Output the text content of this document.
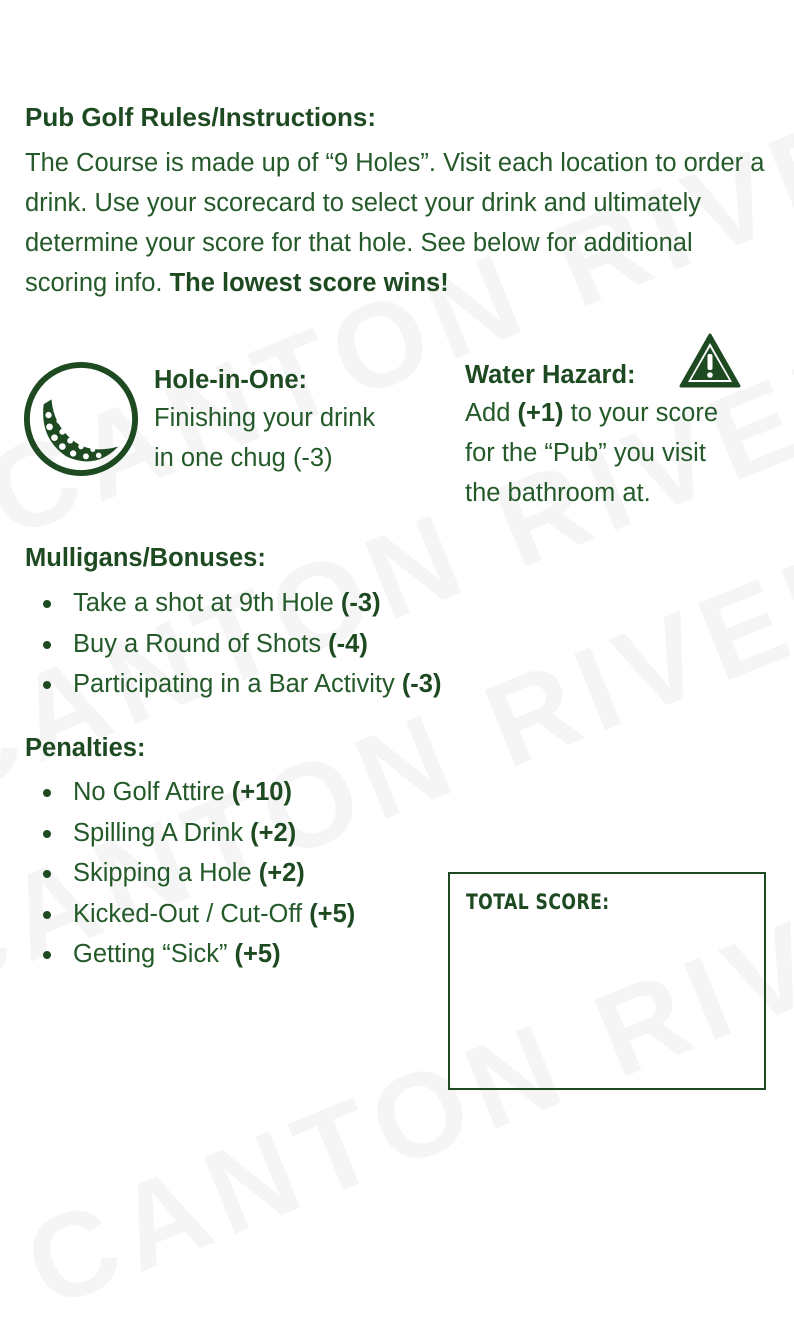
Pub Golf Rules/Instructions:
The Course is made up of “9 Holes”. Visit each location to order a drink. Use your scorecard to select your drink and ultimately determine your score for that hole. See below for additional scoring info. The lowest score wins!
Hole-in-One:
Finishing your drink
in one chug (-3)
Water Hazard:
Add (+1) to your score
for the “Pub” you visit
the bathroom at.
Mulligans/Bonuses:
Take a shot at 9th Hole (-3)
Buy a Round of Shots (-4)
Participating in a Bar Activity (-3)
Penalties:
No Golf Attire (+10)
Spilling A Drink (+2)
Skipping a Hole (+2)
Kicked-Out / Cut-Off (+5)
Getting “Sick” (+5)
TOTAL SCORE:
